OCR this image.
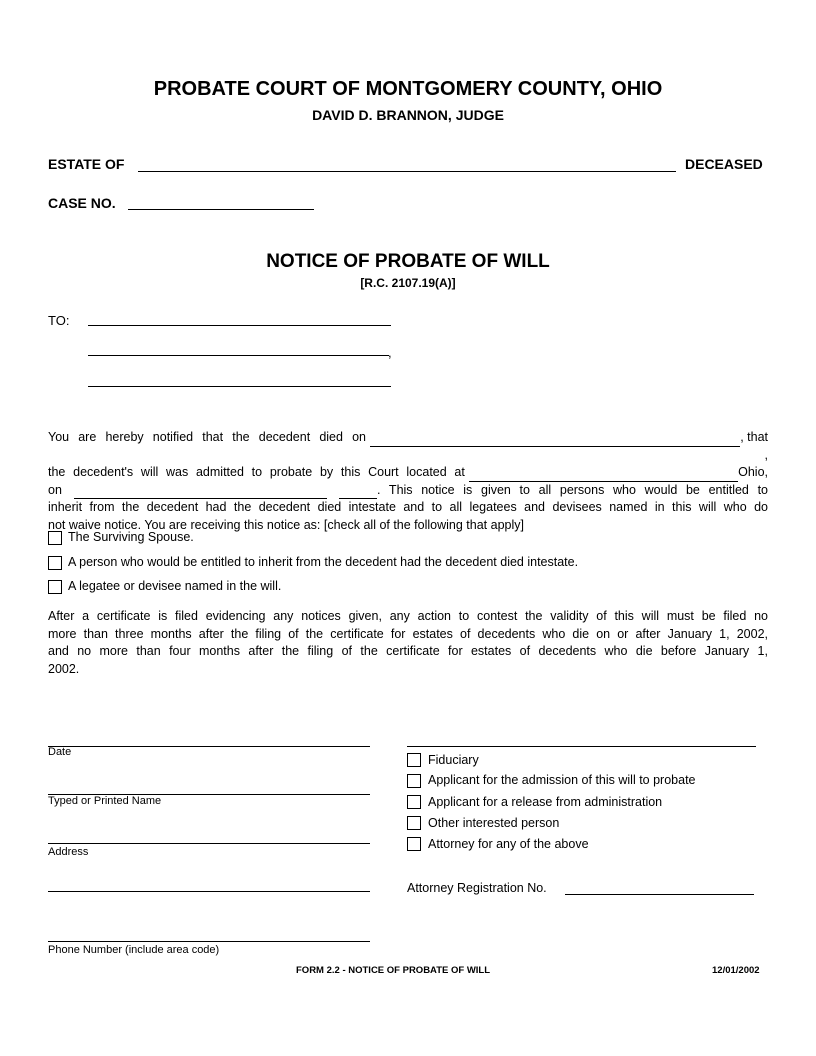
PROBATE COURT OF MONTGOMERY COUNTY, OHIO
DAVID D. BRANNON, JUDGE
ESTATE OF	DECEASED
CASE NO.
NOTICE OF PROBATE OF WILL
[R.C. 2107.19(A)]
TO:
,
You are hereby notified that the decedent died on	, that
the decedent's will was admitted to probate by this Court located at
, Ohio,
on	. This notice is given to all persons who would be entitled to
inherit from the decedent had the decedent died intestate and to all legatees and devisees named in this will who do
not waive notice. You are receiving this notice as: [check all of the following that apply]
The Surviving Spouse.
A person who would be entitled to inherit from the decedent had the decedent died intestate.
A legatee or devisee named in the will.
After a certificate is filed evidencing any notices given, any action to contest the validity of this will must be filed no
more than three months after the filing of the certificate for estates of decedents who die on or after January 1, 2002,
and no more than four months after the filing of the certificate for estates of decedents who die before January 1,
2002.
Date
Typed or Printed Name
Address
Phone Number (include area code)
Fiduciary
Applicant for the admission of this will to probate
Applicant for a release from administration
Other interested person
Attorney for any of the above
Attorney Registration No.
FORM 2.2 - NOTICE OF PROBATE OF WILL	12/01/2002
